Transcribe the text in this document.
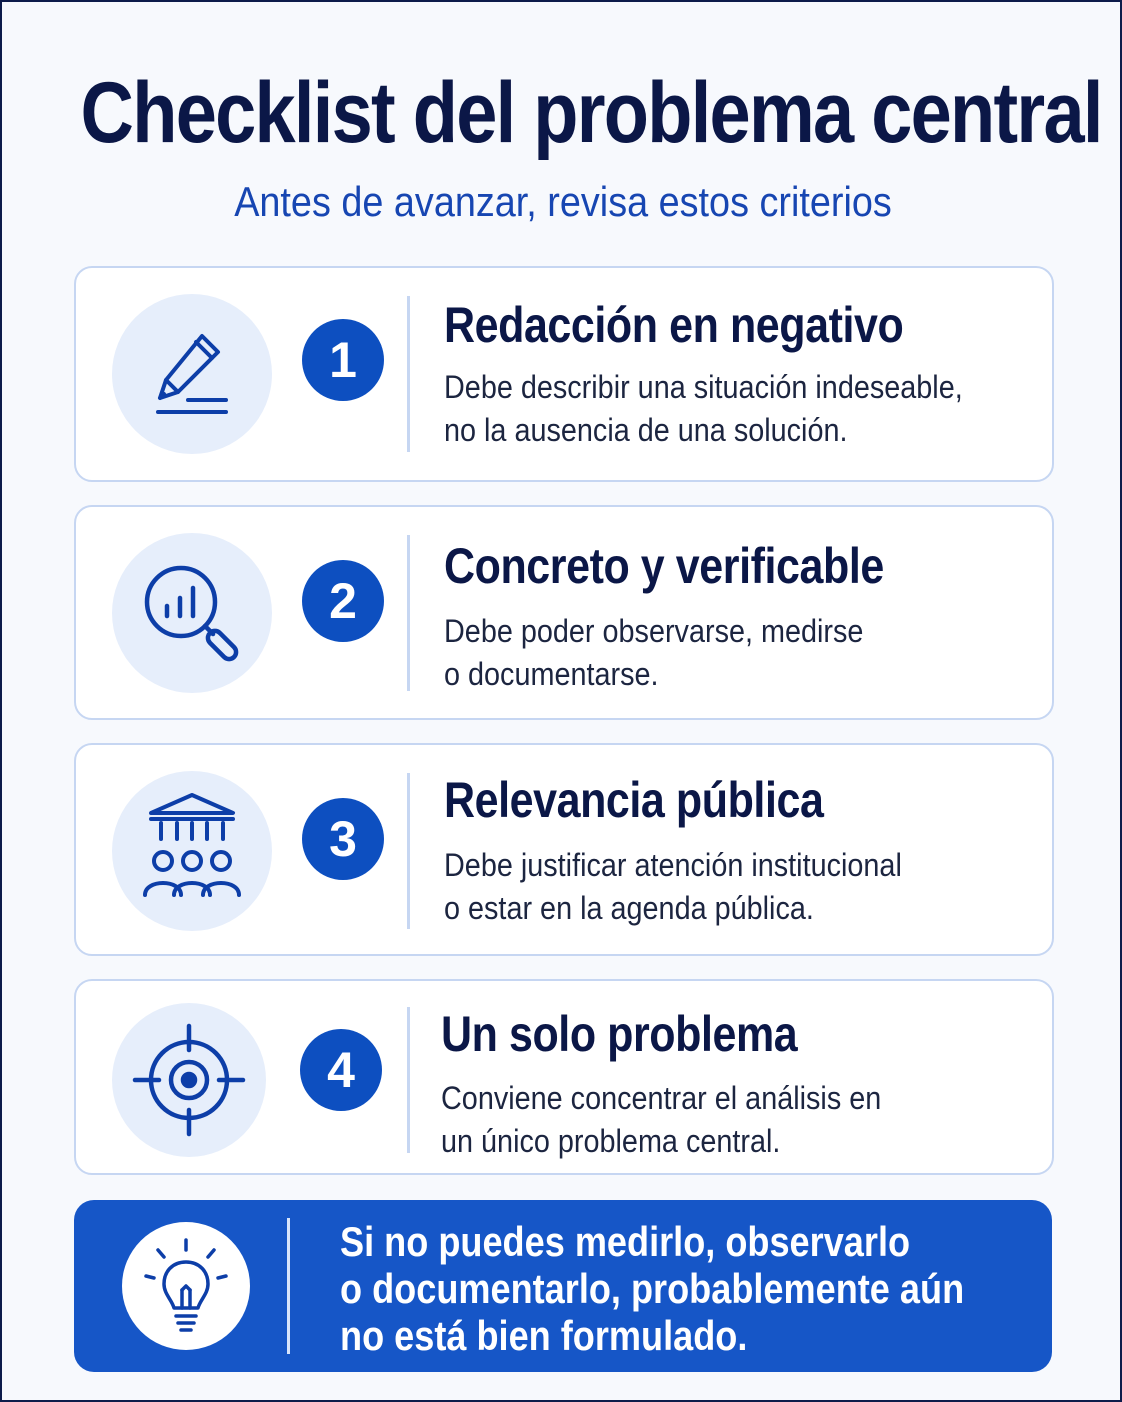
Checklist del problema central
Antes de avanzar, revisa estos criterios
1
Redacción en negativo
Debe describir una situación indeseable,
no la ausencia de una solución.
2
Concreto y verificable
Debe poder observarse, medirse
o documentarse.
3
Relevancia pública
Debe justificar atención institucional
o estar en la agenda pública.
4
Un solo problema
Conviene concentrar el análisis en
un único problema central.
Si no puedes medirlo, observarlo
o documentarlo, probablemente aún
no está bien formulado.
